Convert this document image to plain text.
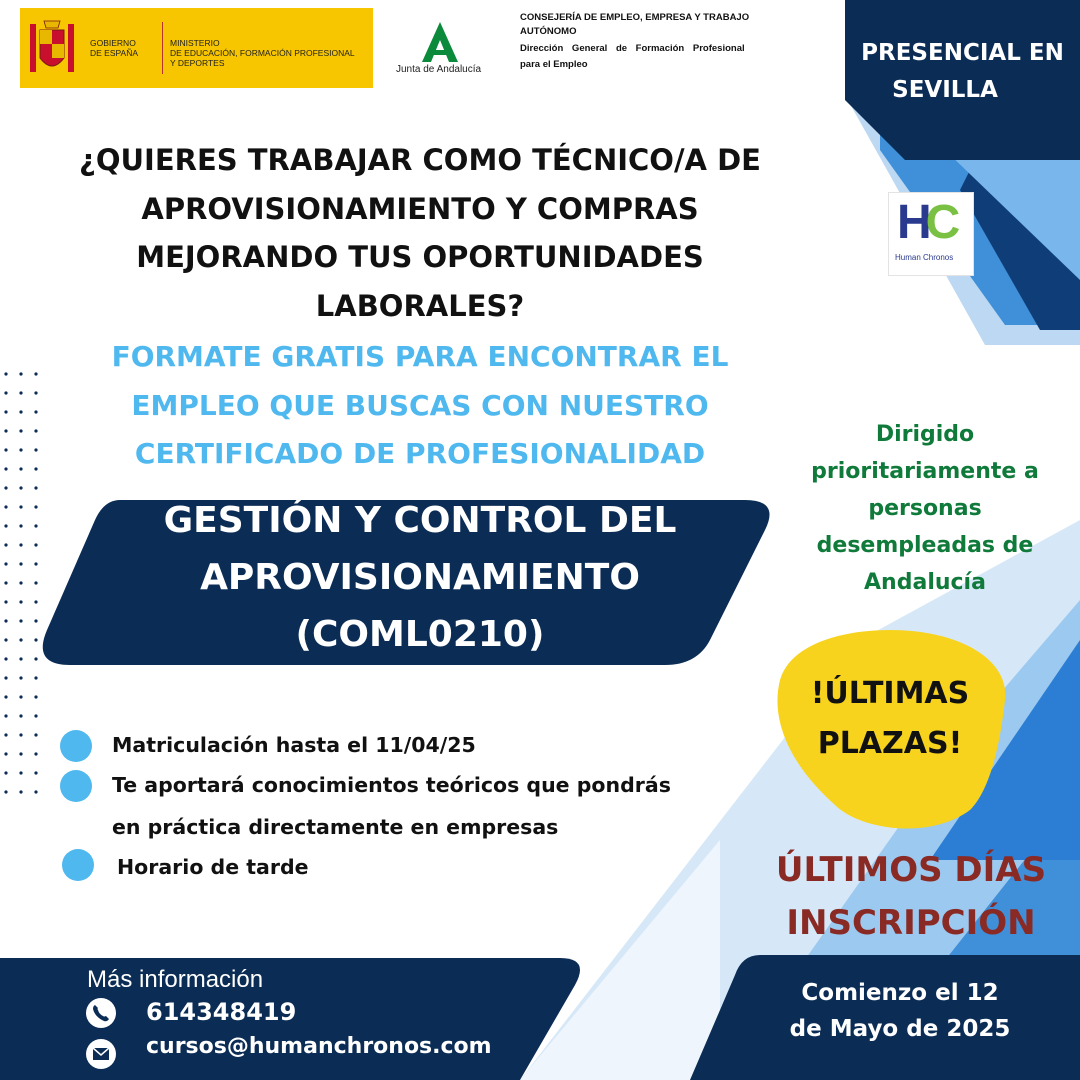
GOBIERNO
DE ESPAÑA
MINISTERIO
DE EDUCACIÓN, FORMACIÓN PROFESIONAL
Y DEPORTES
Junta de Andalucía
CONSEJERÍA DE EMPLEO, EMPRESA Y TRABAJO
AUTÓNOMO
Dirección General de Formación Profesional
para el Empleo	PRESENCIAL EN
SEVILLA
HC
Human Chronos
¿QUIERES TRABAJAR COMO TÉCNICO/A DE
APROVISIONAMIENTO Y COMPRAS
MEJORANDO TUS OPORTUNIDADES
LABORALES?
FORMATE GRATIS PARA ENCONTRAR EL
EMPLEO QUE BUSCAS CON NUESTRO
CERTIFICADO DE PROFESIONALIDAD
GESTIÓN Y CONTROL DEL
APROVISIONAMIENTO
(COML0210)
Matriculación hasta el 11/04/25
Te aportará conocimientos teóricos que pondrás
en práctica directamente en empresas
Horario de tarde
Dirigido
prioritariamente a
personas
desempleadas de
Andalucía
!ÚLTIMAS
PLAZAS!
ÚLTIMOS DÍAS
INSCRIPCIÓN
Más información
614348419
cursos@humanchronos.com
Comienzo el 12
de Mayo de 2025
